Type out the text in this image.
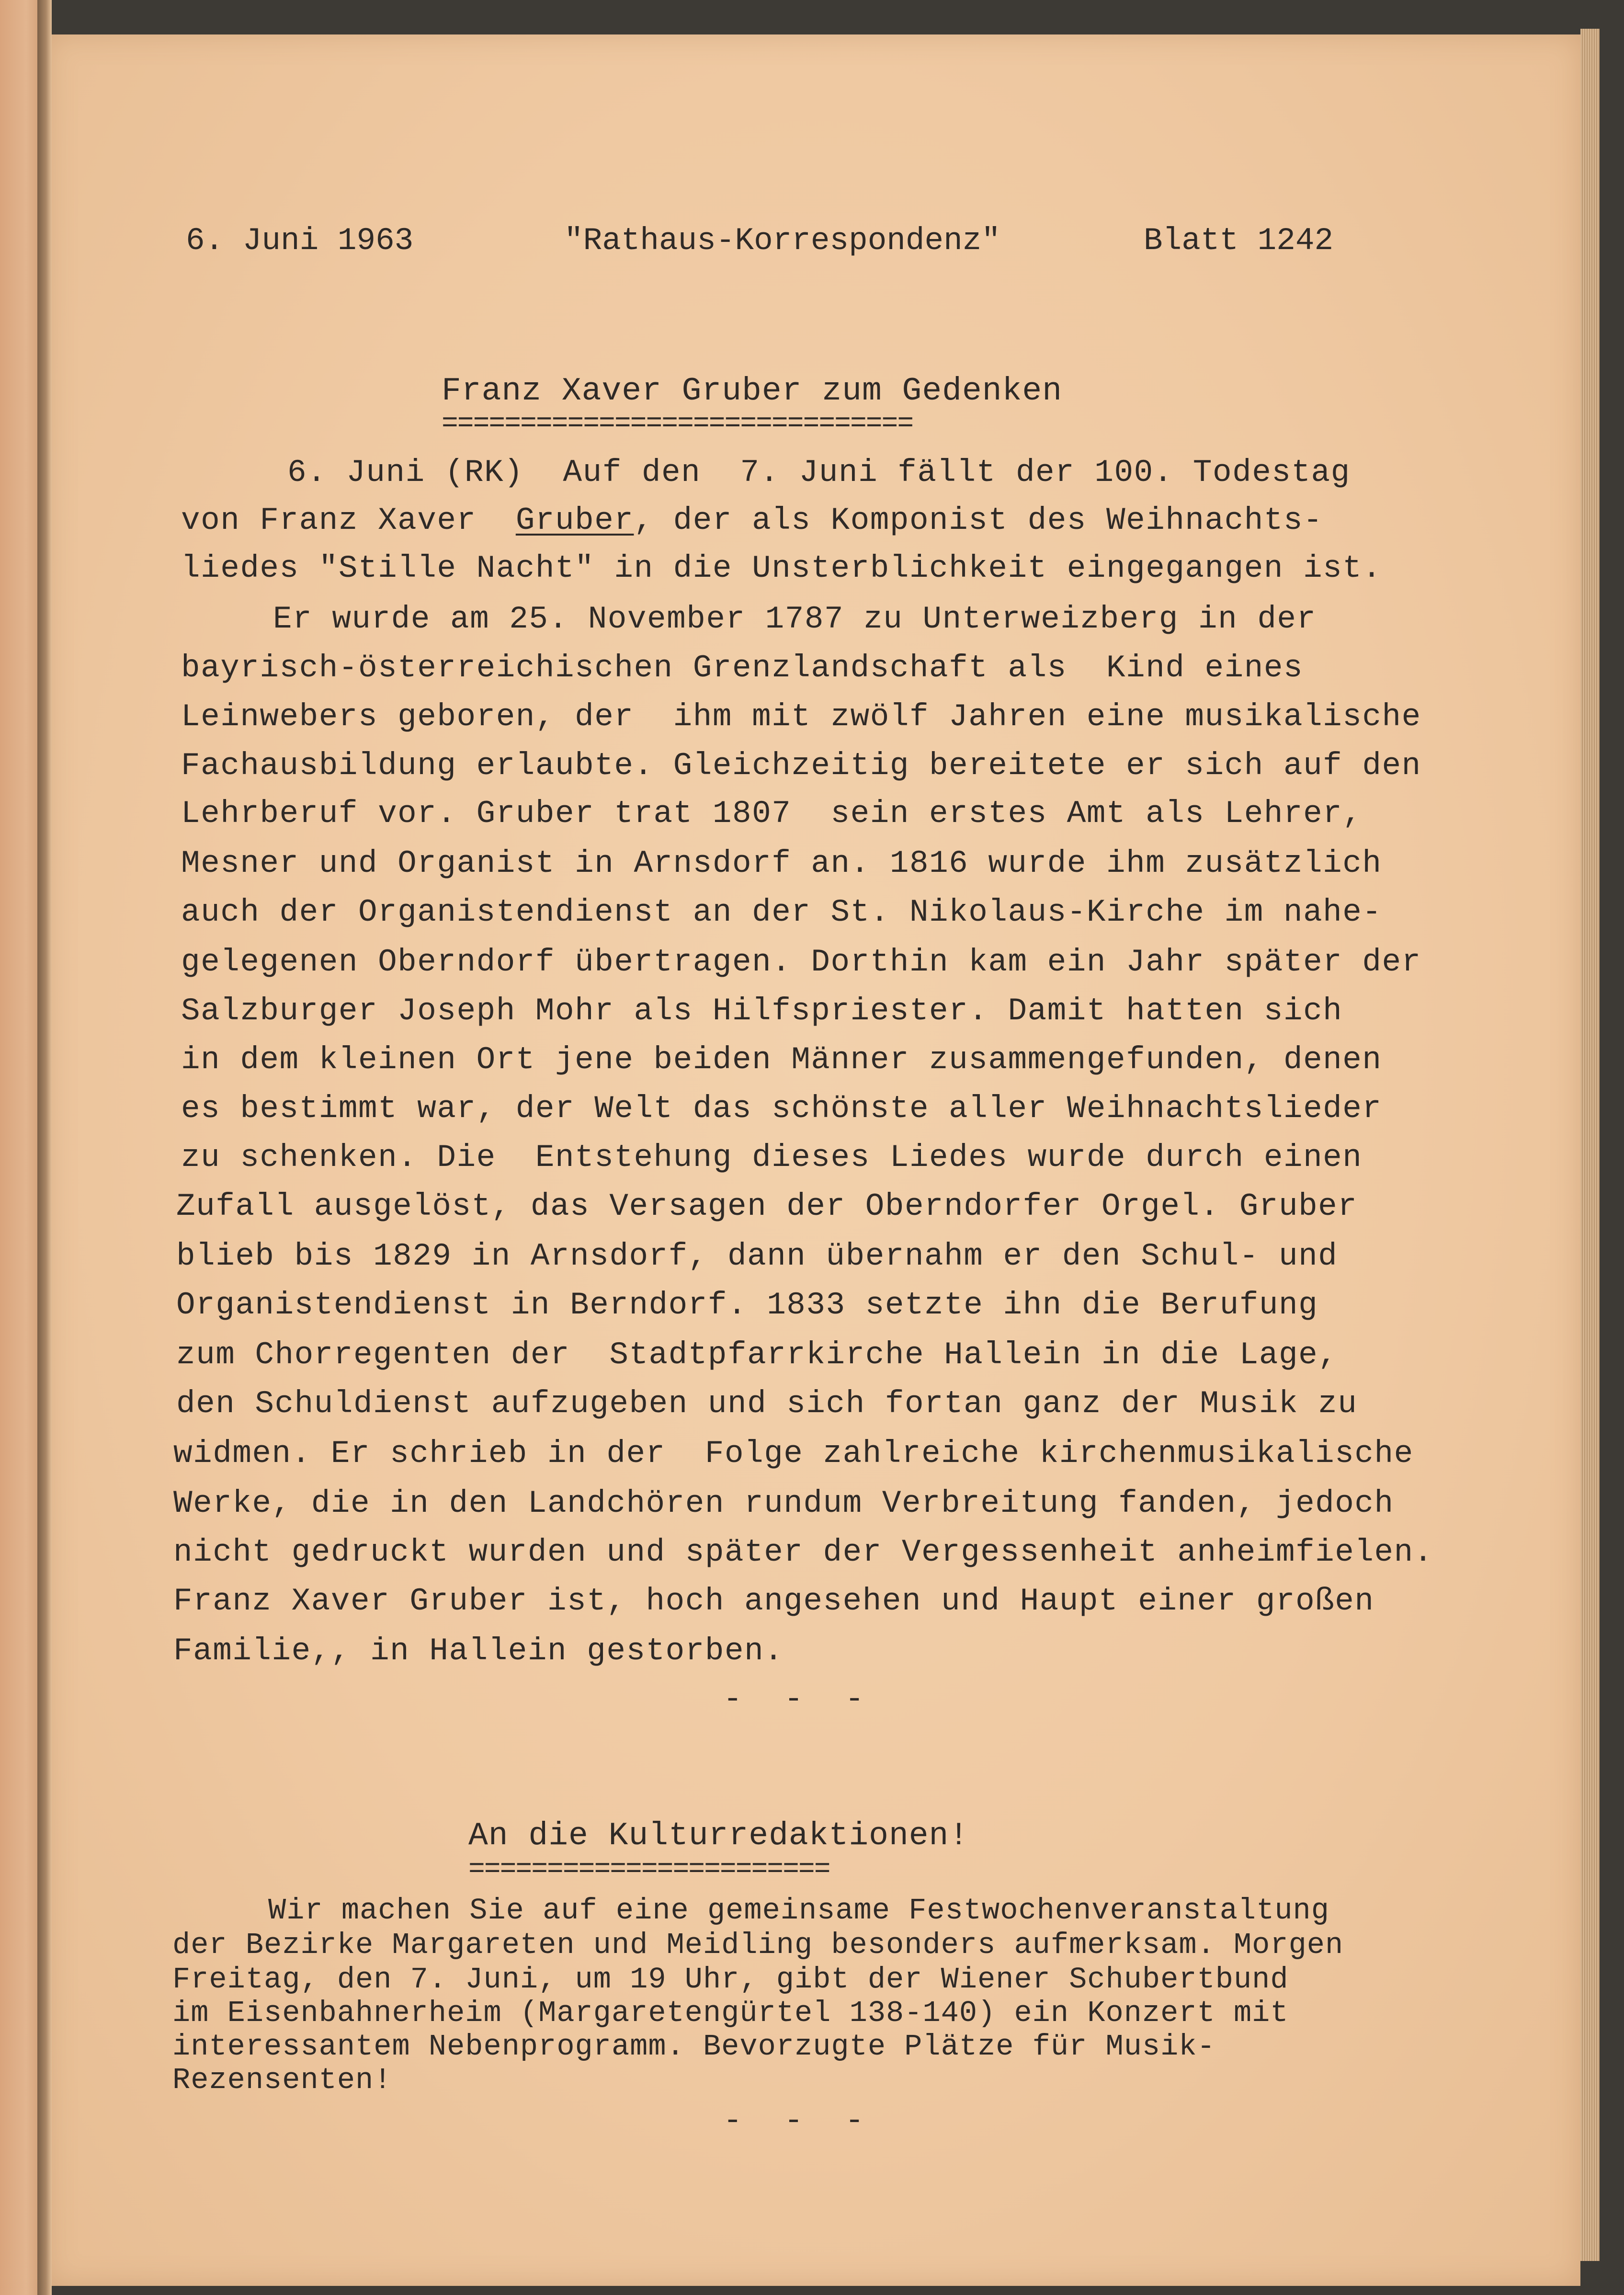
6. Juni 1963	"Rathaus-Korrespondenz"	Blatt 1242
Franz Xaver Gruber zum Gedenken
==============================
6. Juni (RK)  Auf den  7. Juni fällt der 100. Todestag
von Franz Xaver  Gruber, der als Komponist des Weihnachts-
liedes "Stille Nacht" in die Unsterblichkeit eingegangen ist.
Er wurde am 25. November 1787 zu Unterweizberg in der
bayrisch-österreichischen Grenzlandschaft als  Kind eines
Leinwebers geboren, der  ihm mit zwölf Jahren eine musikalische
Fachausbildung erlaubte. Gleichzeitig bereitete er sich auf den
Lehrberuf vor. Gruber trat 1807  sein erstes Amt als Lehrer,
Mesner und Organist in Arnsdorf an. 1816 wurde ihm zusätzlich
auch der Organistendienst an der St. Nikolaus-Kirche im nahe-
gelegenen Oberndorf übertragen. Dorthin kam ein Jahr später der
Salzburger Joseph Mohr als Hilfspriester. Damit hatten sich
in dem kleinen Ort jene beiden Männer zusammengefunden, denen
es bestimmt war, der Welt das schönste aller Weihnachtslieder
zu schenken. Die  Entstehung dieses Liedes wurde durch einen
Zufall ausgelöst, das Versagen der Oberndorfer Orgel. Gruber
blieb bis 1829 in Arnsdorf, dann übernahm er den Schul- und
Organistendienst in Berndorf. 1833 setzte ihn die Berufung
zum Chorregenten der  Stadtpfarrkirche Hallein in die Lage,
den Schuldienst aufzugeben und sich fortan ganz der Musik zu
widmen. Er schrieb in der  Folge zahlreiche kirchenmusikalische
Werke, die in den Landchören rundum Verbreitung fanden, jedoch
nicht gedruckt wurden und später der Vergessenheit anheimfielen.
Franz Xaver Gruber ist, hoch angesehen und Haupt einer großen
Familie,, in Hallein gestorben.
- - -
An die Kulturredaktionen!
=======================
Wir machen Sie auf eine gemeinsame Festwochenveranstaltung
der Bezirke Margareten und Meidling besonders aufmerksam. Morgen
Freitag, den 7. Juni, um 19 Uhr, gibt der Wiener Schubertbund
im Eisenbahnerheim (Margaretengürtel 138-140) ein Konzert mit
interessantem Nebenprogramm. Bevorzugte Plätze für Musik-
Rezensenten!
- - -
